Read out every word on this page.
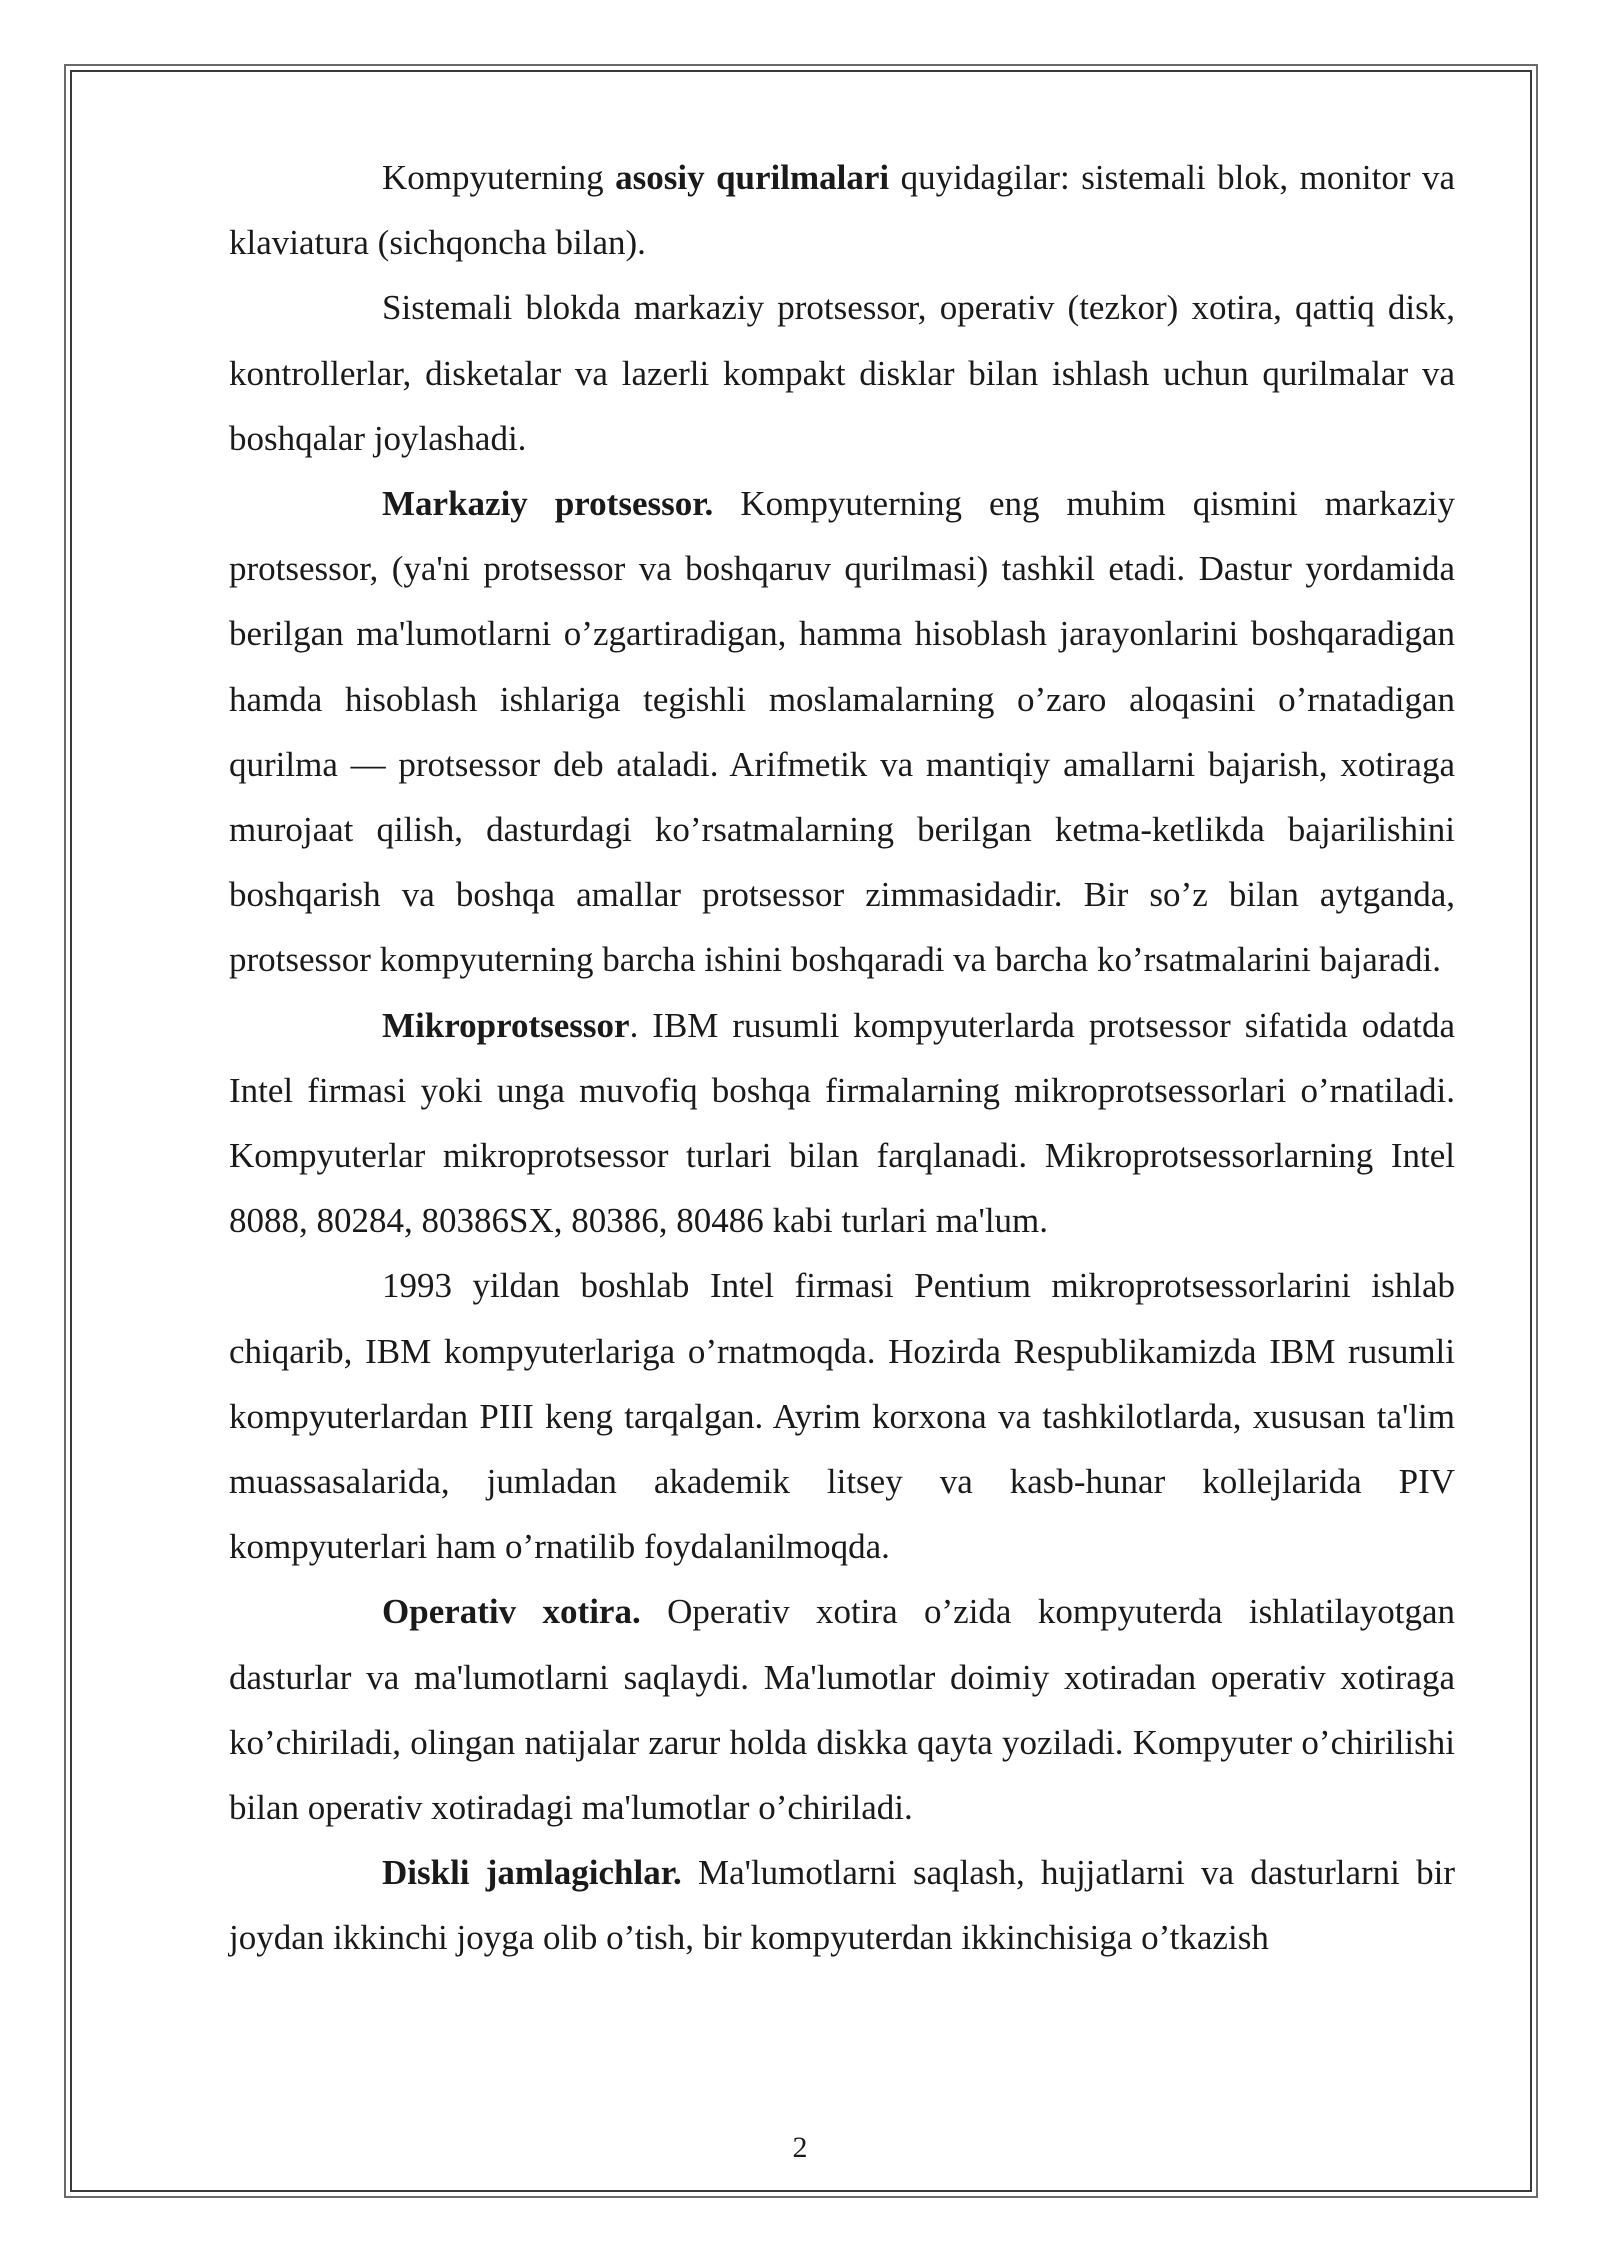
Kompyuterning asosiy qurilmalari quyidagilar: sistemali blok, monitor va klaviatura (sichqoncha bilan).

Sistemali blokda markaziy protsessor, operativ (tezkor) xotira, qattiq disk, kontrollerlar, disketalar va lazerli kompakt disklar bilan ishlash uchun qurilmalar va boshqalar joylashadi.

Markaziy protsessor. Kompyuterning eng muhim qismini markaziy protsessor, (ya'ni protsessor va boshqaruv qurilmasi) tashkil etadi. Dastur yordamida berilgan ma'lumotlarni o’zgartiradigan, hamma hisoblash jarayonlarini boshqaradigan hamda hisoblash ishlariga tegishli moslamalarning o’zaro aloqasini o’rnatadigan qurilma — protsessor deb ataladi. Arifmetik va mantiqiy amallarni bajarish, xotiraga murojaat qilish, dasturdagi ko’rsatmalarning berilgan ketma-ketlikda bajarilishini boshqarish va boshqa amallar protsessor zimmasidadir. Bir so’z bilan aytganda, protsessor kompyuterning barcha ishini boshqaradi va barcha ko’rsatmalarini bajaradi.

Mikroprotsessor. IBM rusumli kompyuterlarda protsessor sifatida odatda Intel firmasi yoki unga muvofiq boshqa firmalarning mikroprotsessorlari o’rnatiladi. Kompyuterlar mikroprotsessor turlari bilan farqlanadi. Mikroprotsessorlarning Intel 8088, 80284, 80386SX, 80386, 80486 kabi turlari ma'lum.

1993 yildan boshlab Intel firmasi Pentium mikroprotsessorlarini ishlab chiqarib, IBM kompyuterlariga o’rnatmoqda. Hozirda Respublikamizda IBM rusumli kompyuterlardan PIII keng tarqalgan. Ayrim korxona va tashkilotlarda, xususan ta'lim muassasalarida, jumladan akademik litsey va kasb-hunar kollejlarida PIV kompyuterlari ham o’rnatilib foydalanilmoqda.

Operativ xotira. Operativ xotira o’zida kompyuterda ishlatilayotgan dasturlar va ma'lumotlarni saqlaydi. Ma'lumotlar doimiy xotiradan operativ xotiraga ko’chiriladi, olingan natijalar zarur holda diskka qayta yoziladi. Kompyuter o’chirilishi bilan operativ xotiradagi ma'lumotlar o’chiriladi.

Diskli jamlagichlar. Ma'lumotlarni saqlash, hujjatlarni va dasturlarni bir joydan ikkinchi joyga olib o’tish, bir kompyuterdan ikkinchisiga o’tkazish

2
